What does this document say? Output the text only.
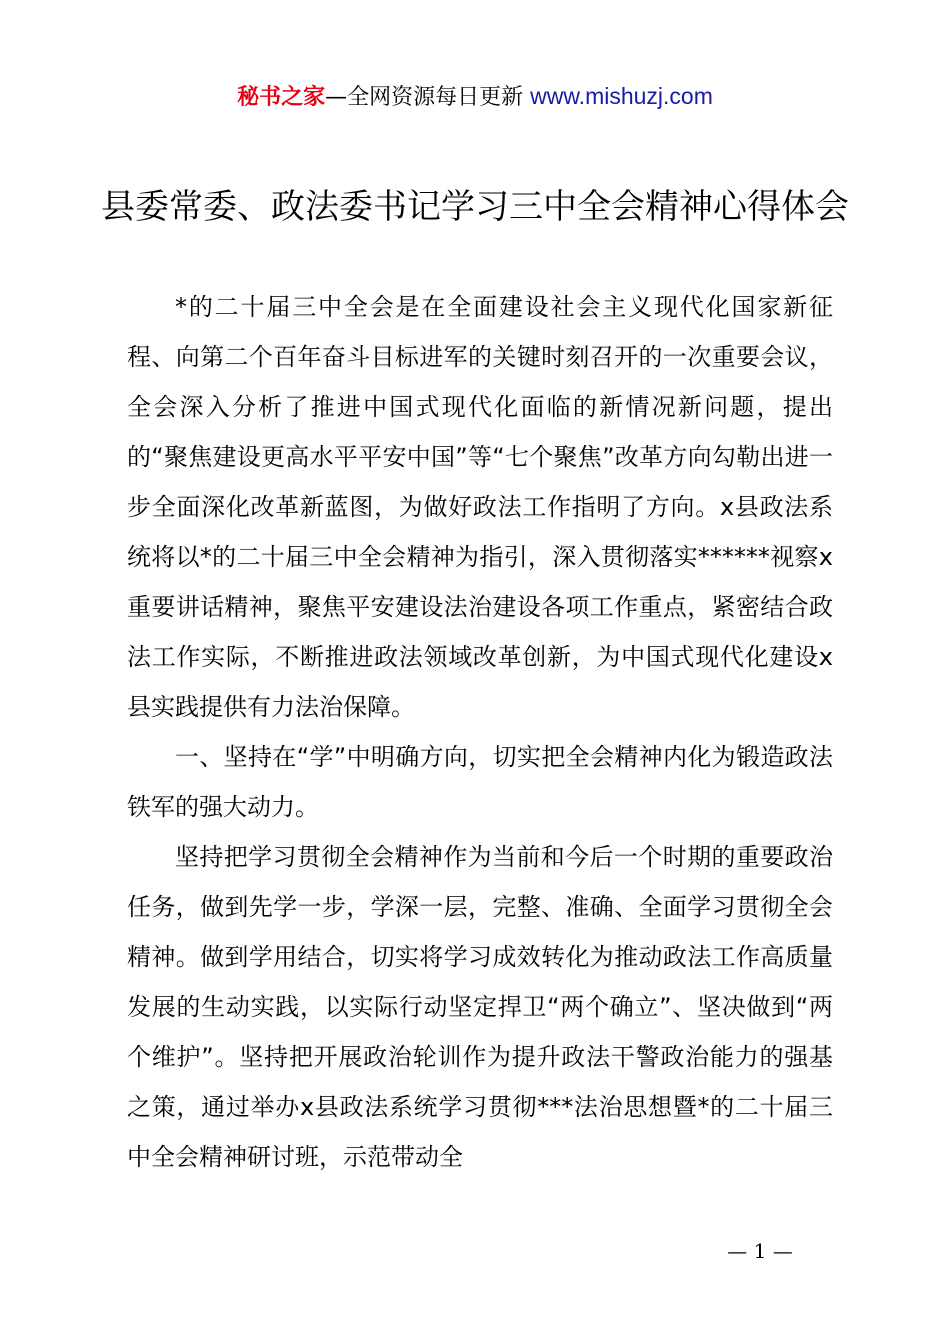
秘书之家—全网资源每日更新 www.mishuzj.com
县委常委、政法委书记学习三中全会精神心得体会

*的二十届三中全会是在全面建设社会主义现代化国家新征程、向第二个百年奋斗目标进军的关键时刻召开的一次重要会议，全会深入分析了推进中国式现代化面临的新情况新问题，提出的“聚焦建设更高水平平安中国”等“七个聚焦”改革方向勾勒出进一步全面深化改革新蓝图，为做好政法工作指明了方向。x县政法系统将以*的二十届三中全会精神为指引，深入贯彻落实******视察x重要讲话精神，聚焦平安建设法治建设各项工作重点，紧密结合政法工作实际，不断推进政法领域改革创新，为中国式现代化建设x县实践提供有力法治保障。

一、坚持在“学”中明确方向，切实把全会精神内化为锻造政法铁军的强大动力。

坚持把学习贯彻全会精神作为当前和今后一个时期的重要政治任务，做到先学一步，学深一层，完整、准确、全面学习贯彻全会精神。做到学用结合，切实将学习成效转化为推动政法工作高质量发展的生动实践，以实际行动坚定捍卫“两个确立”、坚决做到“两个维护”。坚持把开展政治轮训作为提升政法干警政治能力的强基之策，通过举办x县政法系统学习贯彻***法治思想暨*的二十届三中全会精神研讨班，示范带动全

— 1 —
